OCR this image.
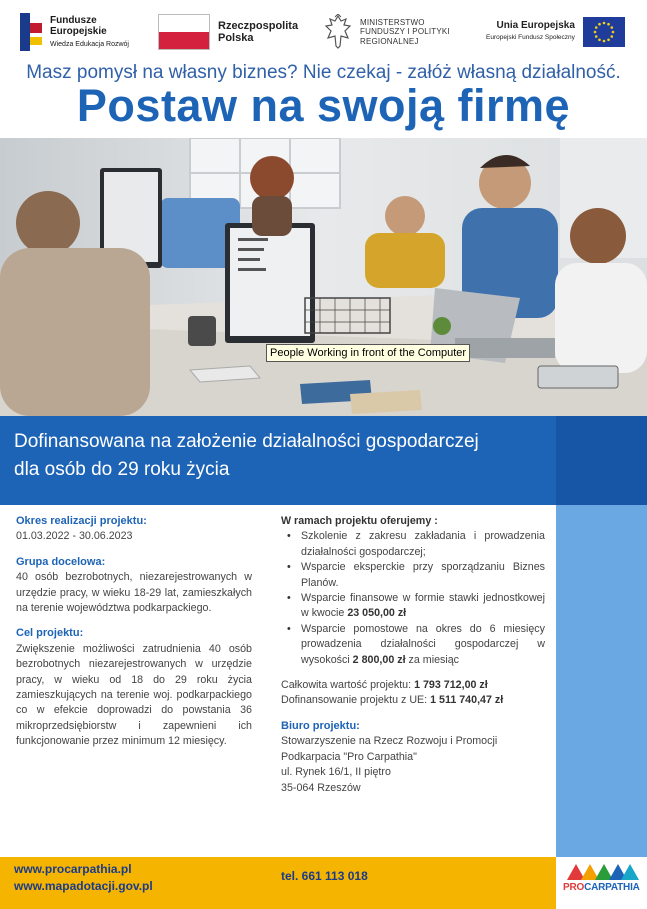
Fundusze
Europejskie
Wiedza Edukacja Rozwój
Rzeczpospolita
Polska
MINISTERSTWO
FUNDUSZY I POLITYKI
REGIONALNEJ
Unia Europejska
Europejski Fundusz Społeczny
Masz pomysł na własny biznes? Nie czekaj - załóż własną działalność.
Postaw na swoją firmę
People Working in front of the Computer
Dofinansowana na założenie działalności gospodarczej
dla osób do 29 roku życia
Okres realizacji projektu:
01.03.2022 - 30.06.2023
Grupa docelowa:
40 osób bezrobotnych, niezarejestrowanych w urzędzie pracy, w wieku 18-29 lat, zamieszkałych na terenie województwa podkarpackiego.
Cel projektu:
Zwiększenie możliwości zatrudnienia 40 osób bezrobotnych niezarejestrowanych w urzędzie pracy, w wieku od 18 do 29 roku życia zamieszkujących na terenie woj. podkarpackiego co w efekcie doprowadzi do powstania 36 mikroprzedsiębiorstw i zapewnieni ich funkcjonowanie przez minimum 12 miesięcy.
W ramach projektu oferujemy :
• Szkolenie z zakresu zakładania i prowadzenia działalności gospodarczej;
• Wsparcie eksperckie przy sporządzaniu Biznes Planów.
• Wsparcie finansowe w formie stawki jednostkowej w kwocie 23 050,00 zł
• Wsparcie pomostowe na okres do 6 miesięcy prowadzenia działalności gospodarczej w wysokości 2 800,00 zł za miesiąc
Całkowita wartość projektu: 1 793 712,00 zł
Dofinansowanie projektu z UE: 1 511 740,47 zł
Biuro projektu:
Stowarzyszenie na Rzecz Rozwoju i Promocji
Podkarpacia "Pro Carpathia"
ul. Rynek 16/1, II piętro
35-064 Rzeszów
www.procarpathia.pl
www.mapadotacji.gov.pl
tel. 661 113 018
PROCARPATHIA
